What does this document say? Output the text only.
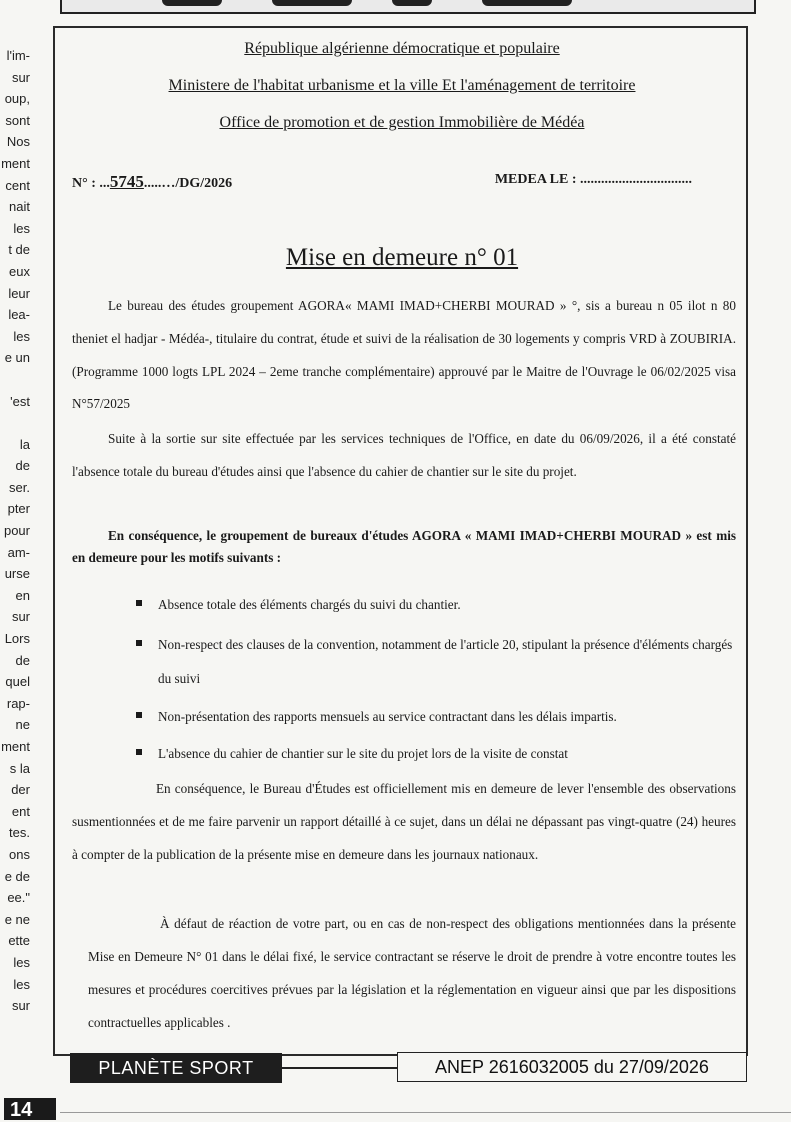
l'im-
sur
oup,
sont
Nos
ment
cent
nait
les
t de
eux
leur
lea-
les
e un
'est
la
de
ser.
pter
pour
am-
urse
en
sur
Lors
de
quel
rap-
ne
ment
s la
der
ent
tes.
ons
e de
ee."
e ne
ette
les
les
sur
République algérienne démocratique et populaire
Ministere de l'habitat urbanisme et la ville Et l'aménagement de territoire
Office de promotion et de gestion Immobilière de Médéa
N° : ...5745.....…/DG/2026	MEDEA LE : ................................
Mise en demeure n° 01
Le bureau des études groupement AGORA« MAMI IMAD+CHERBI MOURAD » °, sis a bureau n 05 ilot n 80 theniet el hadjar - Médéa-, titulaire du contrat, étude et suivi de la réalisation de 30 logements y compris VRD à ZOUBIRIA. (Programme 1000 logts LPL 2024 – 2eme tranche complémentaire) approuvé par le Maitre de l'Ouvrage le 06/02/2025 visa N°57/2025
Suite à la sortie sur site effectuée par les services techniques de l'Office, en date du 06/09/2026, il a été constaté l'absence totale du bureau d'études ainsi que l'absence du cahier de chantier sur le site du projet.
En conséquence, le groupement de bureaux d'études AGORA « MAMI IMAD+CHERBI MOURAD » est mis en demeure pour les motifs suivants :
Absence totale des éléments chargés du suivi du chantier.
Non-respect des clauses de la convention, notamment de l'article 20, stipulant la présence d'éléments chargés du suivi
Non-présentation des rapports mensuels au service contractant dans les délais impartis.
L'absence du cahier de chantier sur le site du projet lors de la visite de constat
En conséquence, le Bureau d'Études est officiellement mis en demeure de lever l'ensemble des observations susmentionnées et de me faire parvenir un rapport détaillé à ce sujet, dans un délai ne dépassant pas vingt-quatre (24) heures à compter de la publication de la présente mise en demeure dans les journaux nationaux.
À défaut de réaction de votre part, ou en cas de non-respect des obligations mentionnées dans la présente Mise en Demeure N° 01 dans le délai fixé, le service contractant se réserve le droit de prendre à votre encontre toutes les mesures et procédures coercitives prévues par la législation et la réglementation en vigueur ainsi que par les dispositions contractuelles applicables .
PLANÈTE SPORT	ANEP 2616032005 du 27/09/2026
14
